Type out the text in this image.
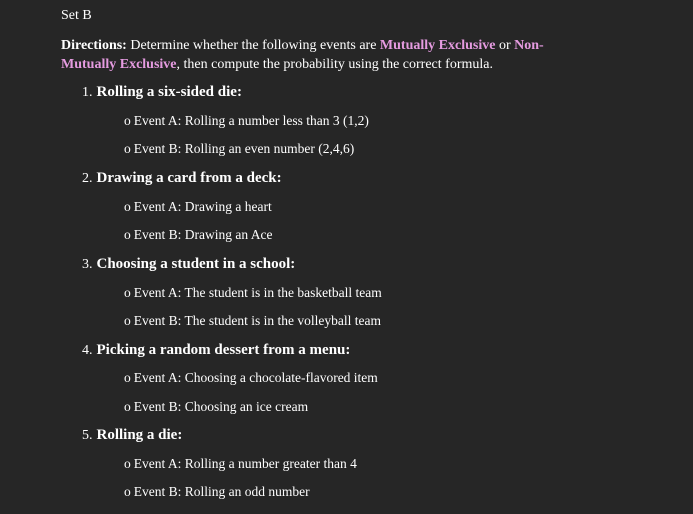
Set B
Directions: Determine whether the following events are Mutually Exclusive or Non-Mutually Exclusive, then compute the probability using the correct formula.
1. Rolling a six-sided die:
o Event A: Rolling a number less than 3 (1,2)
o Event B: Rolling an even number (2,4,6)
2. Drawing a card from a deck:
o Event A: Drawing a heart
o Event B: Drawing an Ace
3. Choosing a student in a school:
o Event A: The student is in the basketball team
o Event B: The student is in the volleyball team
4. Picking a random dessert from a menu:
o Event A: Choosing a chocolate-flavored item
o Event B: Choosing an ice cream
5. Rolling a die:
o Event A: Rolling a number greater than 4
o Event B: Rolling an odd number
